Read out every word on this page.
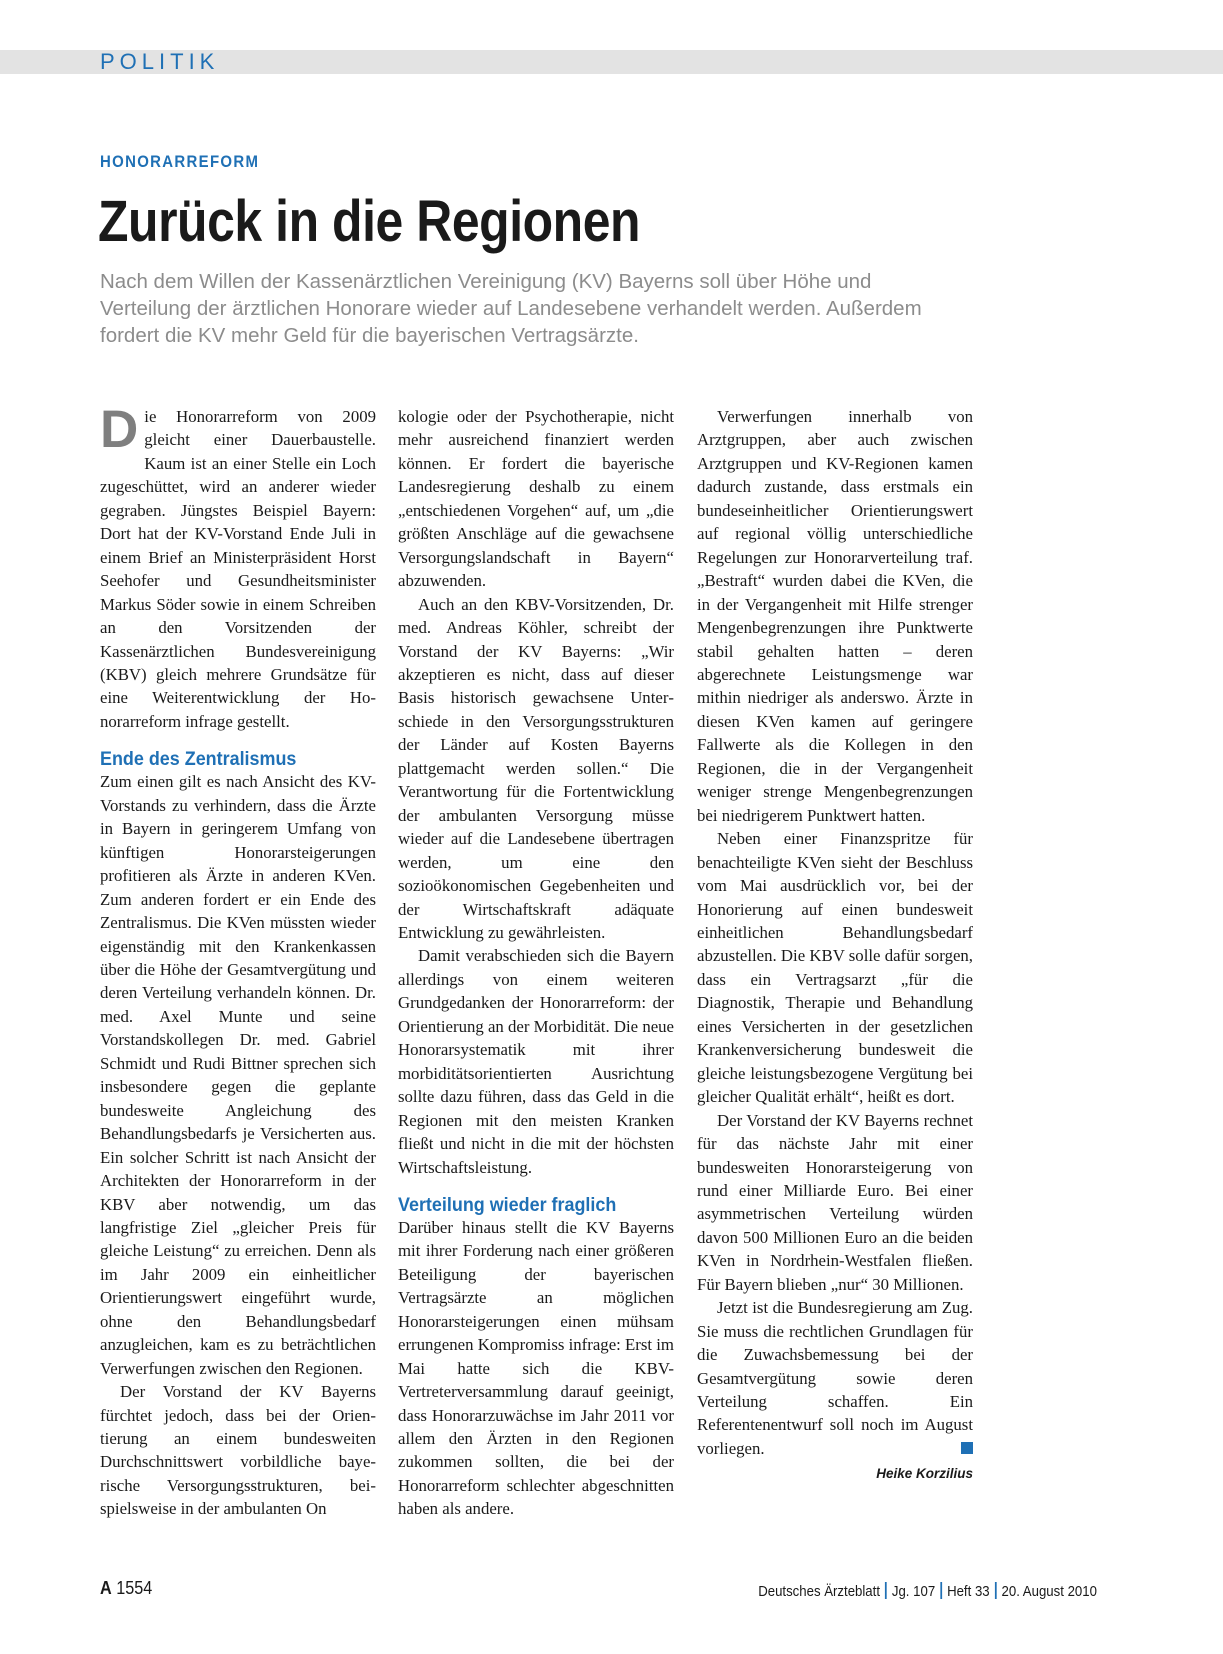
POLITIK
HONORARREFORM
Zurück in die Regionen

Nach dem Willen der Kassenärztlichen Vereinigung (KV) Bayerns soll über Höhe und Verteilung der ärztlichen Honorare wieder auf Landesebene verhandelt werden. Außerdem fordert die KV mehr Geld für die bayerischen Vertragsärzte.

Die Honorarreform von 2009 gleicht einer Dauerbaustelle. Kaum ist an einer Stelle ein Loch zugeschüttet, wird an anderer wieder gegraben. Jüngstes Beispiel Bayern: Dort hat der KV-Vorstand Ende Juli in einem Brief an Ministerpräsident Horst Seehofer und Gesundheitsminister Markus Söder sowie in einem Schreiben an den Vorsitzenden der Kassenärztlichen Bundesvereinigung (KBV) gleich mehrere Grundsätze für eine Weiterentwicklung der Honorarreform infrage gestellt.

Ende des Zentralismus

Zum einen gilt es nach Ansicht des KV-Vorstands zu verhindern, dass die Ärzte in Bayern in geringerem Umfang von künftigen Honorarsteigerungen profitieren als Ärzte in anderen KVen. Zum anderen fordert er ein Ende des Zentralismus. Die KVen müssten wieder eigenständig mit den Krankenkassen über die Höhe der Gesamtvergütung und deren Verteilung verhandeln können. Dr. med. Axel Munte und seine Vorstandskollegen Dr. med. Gabriel Schmidt und Rudi Bittner sprechen sich insbesondere gegen die geplante bundesweite Angleichung des Behandlungsbedarfs je Versicherten aus. Ein solcher Schritt ist nach Ansicht der Architekten der Honorarreform in der KBV aber notwendig, um das langfristige Ziel „gleicher Preis für gleiche Leistung“ zu erreichen. Denn als im Jahr 2009 ein einheitlicher Orientierungswert eingeführt wurde, ohne den Behandlungsbedarf anzugleichen, kam es zu beträchtlichen Verwerfungen zwischen den Regionen.

Der Vorstand der KV Bayerns fürchtet jedoch, dass bei der Orientierung an einem bundesweiten Durchschnittswert vorbildliche bayerische Versorgungsstrukturen, beispielsweise in der ambulanten On

kologie oder der Psychotherapie, nicht mehr ausreichend finanziert werden können. Er fordert die bayerische Landesregierung deshalb zu einem „entschiedenen Vorgehen“ auf, um „die größten Anschläge auf die gewachsene Versorgungslandschaft in Bayern“ abzuwenden.

Auch an den KBV-Vorsitzenden, Dr. med. Andreas Köhler, schreibt der Vorstand der KV Bayerns: „Wir akzeptieren es nicht, dass auf dieser Basis historisch gewachsene Unterschiede in den Versorgungsstrukturen der Länder auf Kosten Bayerns plattgemacht werden sollen.“ Die Verantwortung für die Fortentwicklung der ambulanten Versorgung müsse wieder auf die Landesebene übertragen werden, um eine den sozioökonomischen Gegebenheiten und der Wirtschaftskraft adäquate Entwicklung zu gewährleisten.

Damit verabschieden sich die Bayern allerdings von einem weiteren Grundgedanken der Honorarreform: der Orientierung an der Morbidität. Die neue Honorarsystematik mit ihrer morbiditätsorientierten Ausrichtung sollte dazu führen, dass das Geld in die Regionen mit den meisten Kranken fließt und nicht in die mit der höchsten Wirtschaftsleistung.

Verteilung wieder fraglich

Darüber hinaus stellt die KV Bayerns mit ihrer Forderung nach einer größeren Beteiligung der bayerischen Vertragsärzte an möglichen Honorarsteigerungen einen mühsam errungenen Kompromiss infrage: Erst im Mai hatte sich die KBV-Vertreterversammlung darauf geeinigt, dass Honorarzuwächse im Jahr 2011 vor allem den Ärzten in den Regionen zukommen sollten, die bei der Honorarreform schlechter abgeschnitten haben als andere.

Verwerfungen innerhalb von Arztgruppen, aber auch zwischen Arztgruppen und KV-Regionen kamen dadurch zustande, dass erstmals ein bundeseinheitlicher Orientierungswert auf regional völlig unterschiedliche Regelungen zur Honorarverteilung traf. „Bestraft“ wurden dabei die KVen, die in der Vergangenheit mit Hilfe strenger Mengenbegrenzungen ihre Punktwerte stabil gehalten hatten – deren abgerechnete Leistungsmenge war mithin niedriger als anderswo. Ärzte in diesen KVen kamen auf geringere Fallwerte als die Kollegen in den Regionen, die in der Vergangenheit weniger strenge Mengenbegrenzungen bei niedrigerem Punktwert hatten.

Neben einer Finanzspritze für benachteiligte KVen sieht der Beschluss vom Mai ausdrücklich vor, bei der Honorierung auf einen bundesweit einheitlichen Behandlungsbedarf abzustellen. Die KBV solle dafür sorgen, dass ein Vertragsarzt „für die Diagnostik, Therapie und Behandlung eines Versicherten in der gesetzlichen Krankenversicherung bundesweit die gleiche leistungsbezogene Vergütung bei gleicher Qualität erhält“, heißt es dort.

Der Vorstand der KV Bayerns rechnet für das nächste Jahr mit einer bundesweiten Honorarsteigerung von rund einer Milliarde Euro. Bei einer asymmetrischen Verteilung würden davon 500 Millionen Euro an die beiden KVen in Nordrhein-Westfalen fließen. Für Bayern blieben „nur“ 30 Millionen.

Jetzt ist die Bundesregierung am Zug. Sie muss die rechtlichen Grundlagen für die Zuwachsbemessung bei der Gesamtvergütung sowie deren Verteilung schaffen. Ein Referentenentwurf soll noch im August vorliegen.

Heike Korzilius
A 1554	Deutsches Ärzteblatt Jg. 107 Heft 33 20. August 2010
